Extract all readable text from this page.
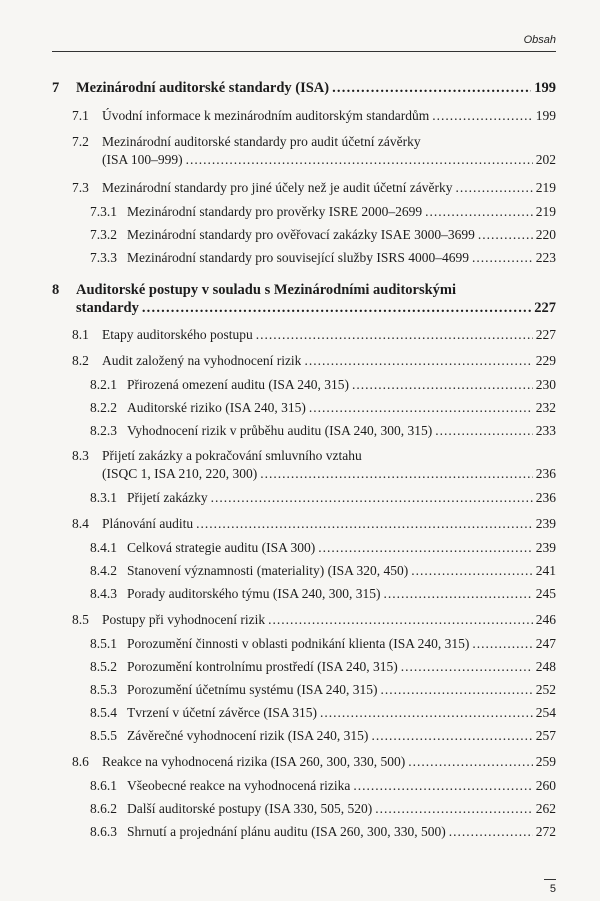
Obsah
7	Mezinárodní auditorské standardy (ISA) .....	199
7.1 Úvodní informace k mezinárodním auditorským standardům .....	199
7.2 Mezinárodní auditorské standardy pro audit účetní závěrky
(ISA 100–999) .....	202
7.3 Mezinárodní standardy pro jiné účely než je audit účetní závěrky .....	219
7.3.1 Mezinárodní standardy pro prověrky ISRE 2000–2699 .....	219
7.3.2 Mezinárodní standardy pro ověřovací zakázky ISAE 3000–3699 .....	220
7.3.3 Mezinárodní standardy pro související služby ISRS 4000–4699 .....	223
8 Auditorské postupy v souladu s Mezinárodními auditorskými
standardy .....	227
8.1 Etapy auditorského postupu .....	227
8.2 Audit založený na vyhodnocení rizik .....	229
8.2.1 Přirozená omezení auditu (ISA 240, 315) .....	230
8.2.2 Auditorské riziko (ISA 240, 315) .....	232
8.2.3 Vyhodnocení rizik v průběhu auditu (ISA 240, 300, 315) .....	233
8.3 Přijetí zakázky a pokračování smluvního vztahu
(ISQC 1, ISA 210, 220, 300) .....	236
8.3.1 Přijetí zakázky .....	236
8.4 Plánování auditu .....	239
8.4.1 Celková strategie auditu (ISA 300) .....	239
8.4.2 Stanovení významnosti (materiality) (ISA 320, 450) .....	241
8.4.3 Porady auditorského týmu (ISA 240, 300, 315) .....	245
8.5 Postupy při vyhodnocení rizik .....	246
8.5.1 Porozumění činnosti v oblasti podnikání klienta (ISA 240, 315) .....	247
8.5.2 Porozumění kontrolnímu prostředí (ISA 240, 315) .....	248
8.5.3 Porozumění účetnímu systému (ISA 240, 315) .....	252
8.5.4 Tvrzení v účetní závěrce (ISA 315) .....	254
8.5.5 Závěrečné vyhodnocení rizik (ISA 240, 315) .....	257
8.6 Reakce na vyhodnocená rizika (ISA 260, 300, 330, 500) .....	259
8.6.1 Všeobecné reakce na vyhodnocená rizika .....	260
8.6.2 Další auditorské postupy (ISA 330, 505, 520) .....	262
8.6.3 Shrnutí a projednání plánu auditu (ISA 260, 300, 330, 500) .....	272
5
